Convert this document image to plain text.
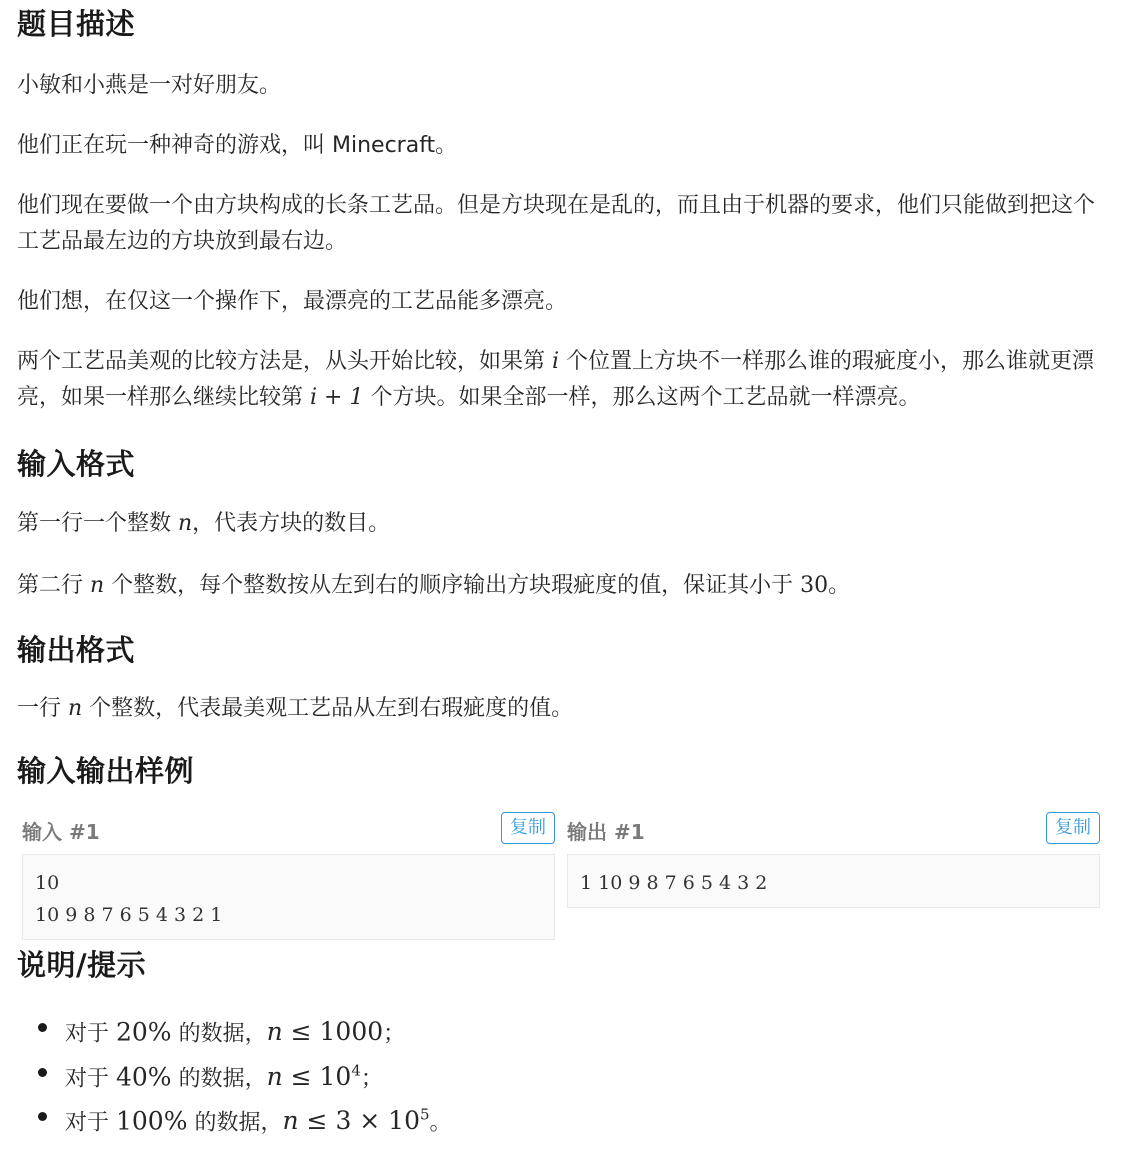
题目描述

小敏和小燕是一对好朋友。

他们正在玩一种神奇的游戏，叫 Minecraft。

他们现在要做一个由方块构成的长条工艺品。但是方块现在是乱的，而且由于机器的要求，他们只能做到把这个工艺品最左边的方块放到最右边。

他们想，在仅这一个操作下，最漂亮的工艺品能多漂亮。

两个工艺品美观的比较方法是，从头开始比较，如果第 i 个位置上方块不一样那么谁的瑕疵度小，那么谁就更漂亮，如果一样那么继续比较第 i + 1 个方块。如果全部一样，那么这两个工艺品就一样漂亮。

输入格式

第一行一个整数 n，代表方块的数目。

第二行 n 个整数，每个整数按从左到右的顺序输出方块瑕疵度的值，保证其小于 30。

输出格式

一行 n 个整数，代表最美观工艺品从左到右瑕疵度的值。

输入输出样例
输入 #1	复制
10
10 9 8 7 6 5 4 3 2 1
输出 #1	复制
1 10 9 8 7 6 5 4 3 2
说明/提示
对于 20% 的数据，n ≤ 1000；
对于 40% 的数据，$n \le 10^4$；
对于 100% 的数据，$n \le 3 \times 10^5$。
